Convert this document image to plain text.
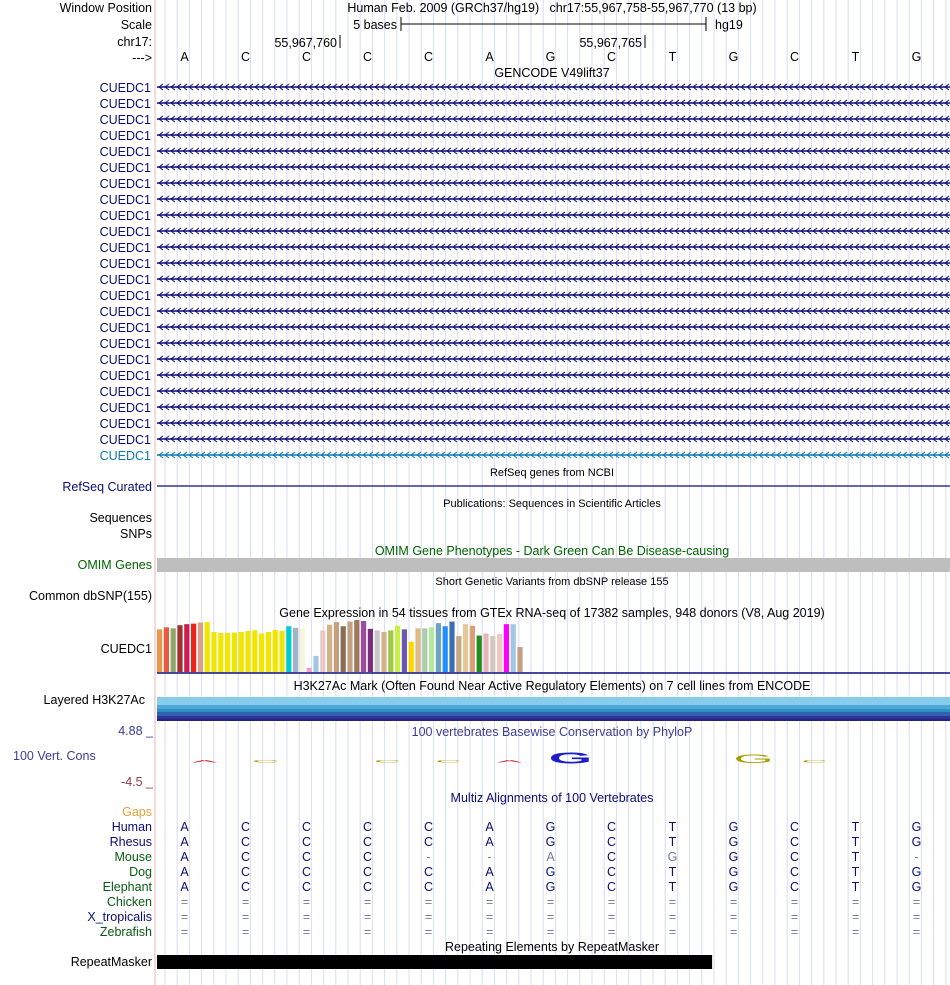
Window Position
Scale
chr17:
--->
Human Feb. 2009 (GRCh37/hg19)   chr17:55,967,758-55,967,770 (13 bp)
5 bases	hg19
55,967,760	55,967,765
A	C	C	C	C	A	G	C	T	G	C	T	G
GENCODE V49lift37
CUEDC1
CUEDC1
CUEDC1
CUEDC1
CUEDC1
CUEDC1
CUEDC1
CUEDC1
CUEDC1
CUEDC1
CUEDC1
CUEDC1
CUEDC1
CUEDC1
CUEDC1
CUEDC1
CUEDC1
CUEDC1
CUEDC1
CUEDC1
CUEDC1
CUEDC1
CUEDC1
CUEDC1
RefSeq genes from NCBI
RefSeq Curated
Publications: Sequences in Scientific Articles
Sequences
SNPs
OMIM Gene Phenotypes - Dark Green Can Be Disease-causing
OMIM Genes
Short Genetic Variants from dbSNP release 155
Common dbSNP(155)
Gene Expression in 54 tissues from GTEx RNA-seq of 17382 samples, 948 donors (V8, Aug 2019)
CUEDC1
H3K27Ac Mark (Often Found Near Active Regulatory Elements) on 7 cell lines from ENCODE
Layered H3K27Ac
100 vertebrates Basewise Conservation by PhyloP
100 Vert. Cons
4.88 _
-4.5 _
A C	C	C A G	G C
Multiz Alignments of 100 Vertebrates
Gaps
Human A	C	C	C	C	A	G	C	T	G	C	T	G
Rhesus A	C	C	C	C	A	G	C	T	G	C	T	G
Mouse A	C	C	C	-	-	A	C	G	G	C	T	-
Dog A	C	C	C	C	A	G	C	T	G	C	T	G
Elephant A	C	C	C	C	A	G	C	T	G	C	T	G
Chicken =	=	=	=	=	=	=	=	=	=	=	=	=
X_tropicalis =	=	=	=	=	=	=	=	=	=	=	=	=
Zebrafish =	=	=	=	=	=	=	=	=	=	=	=	=
Repeating Elements by RepeatMasker
RepeatMasker
